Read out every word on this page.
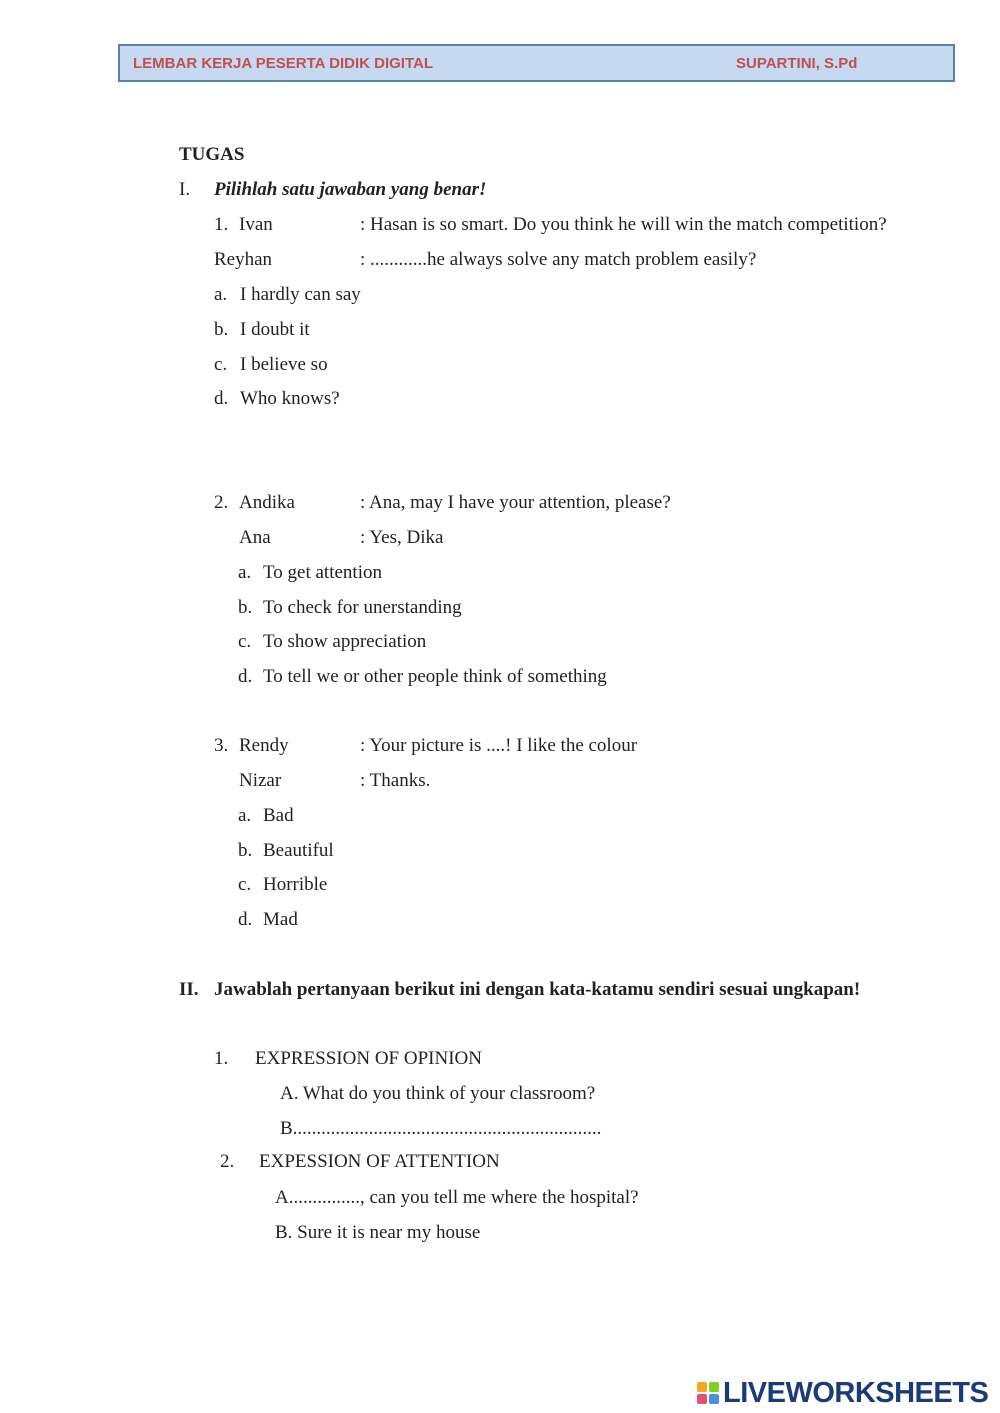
LEMBAR KERJA PESERTA DIDIK DIGITAL	SUPARTINI, S.Pd
TUGAS
I. Pilihlah satu jawaban yang benar!
1. Ivan	: Hasan is so smart. Do you think he will win the match competition?
Reyhan	: ............he always solve any match problem easily?
a. I hardly can say
b. I doubt it
c. I believe so
d. Who knows?
2. Andika	: Ana, may I have your attention, please?
Ana	: Yes, Dika
a. To get attention
b. To check for unerstanding
c. To show appreciation
d. To tell we or other people think of something
3. Rendy	: Your picture is ....! I like the colour
Nizar	: Thanks.
a. Bad
b. Beautiful
c. Horrible
d. Mad
II. Jawablah pertanyaan berikut ini dengan kata-katamu sendiri sesuai ungkapan!
1. EXPRESSION OF OPINION
A. What do you think of your classroom?
B.................................................................
2. EXPESSION OF ATTENTION
A..............., can you tell me where the hospital?
B. Sure it is near my house
LIVEWORKSHEETS
